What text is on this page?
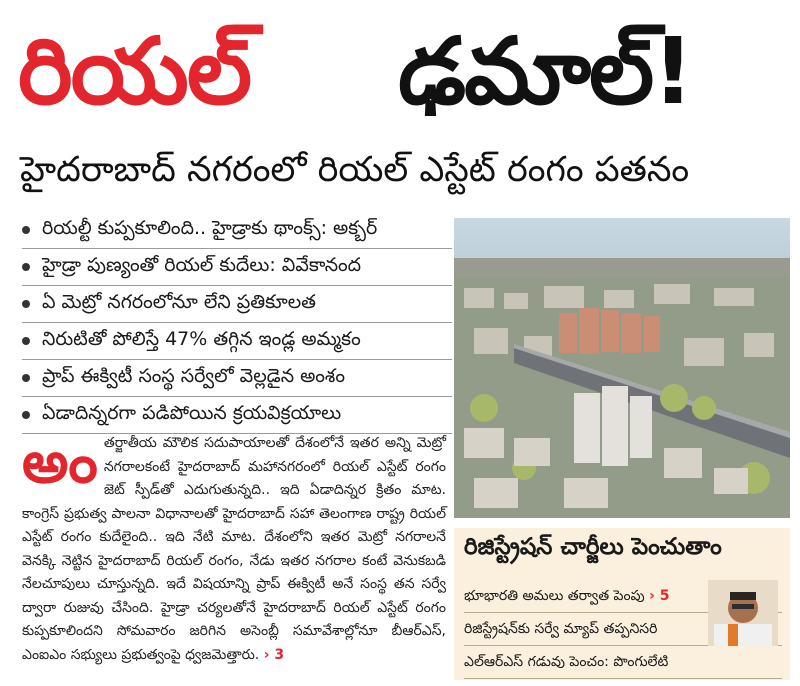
రియల్ ఢమాల్!
హైదరాబాద్ నగరంలో రియల్ ఎస్టేట్ రంగం పతనం
రియల్టీ కుప్పకూలింది.. హైడ్రాకు థాంక్స్: అక్బర్
హైడ్రా పుణ్యంతో రియల్ కుదేలు: వివేకానంద
ఏ మెట్రో నగరంలోనూ లేని ప్రతికూలత
నిరుటితో పోలిస్తే 47% తగ్గిన ఇండ్ల అమ్మకం
ప్రాప్ ఈక్విటీ సంస్థ సర్వేలో వెల్లడైన అంశం
ఏడాదిన్నరగా పడిపోయిన క్రయవిక్రయాలు
అం తర్జాతీయ మౌలిక సదుపాయాలతో దేశంలోనే ఇతర అన్ని మెట్రో నగరాలకంటే హైదరాబాద్ మహానగరంలో రియల్ ఎస్టేట్ రంగం జెట్ స్పీడ్‌తో ఎదుగుతున్నది.. ఇది ఏడాదిన్నర క్రితం మాట. కాంగ్రెస్ ప్రభుత్వ పాలనా విధానాలతో హైదరాబాద్ సహా తెలంగాణ రాష్ట్ర రియల్ ఎస్టేట్ రంగం కుదేలైంది.. ఇది నేటి మాట. దేశంలోని ఇతర మెట్రో నగరాలనే వెనక్కి నెట్టిన హైదరాబాద్ రియల్ రంగం, నేడు ఇతర నగరాల కంటే వెనుకబడి నేలచూపులు చూస్తున్నది. ఇదే విషయాన్ని ప్రాప్ ఈక్విటీ అనే సంస్థ తన సర్వే ద్వారా రుజువు చేసింది. హైడ్రా చర్యలతోనే హైదరాబాద్ రియల్ ఎస్టేట్ రంగం కుప్పకూలిందని సోమవారం జరిగిన అసెంబ్లీ సమావేశాల్లోనూ బీఆర్ఎస్, ఎంఐఎం సభ్యులు ప్రభుత్వంపై ధ్వజమెత్తారు. › 3
రిజిస్ట్రేషన్ చార్జీలు పెంచుతాం
భూభారతి అమలు తర్వాత పెంపు › 5
రిజిస్ట్రేషన్‌కు సర్వే మ్యాప్ తప్పనిసరి
ఎల్ఆర్ఎస్ గడువు పెంచం: పొంగులేటి
